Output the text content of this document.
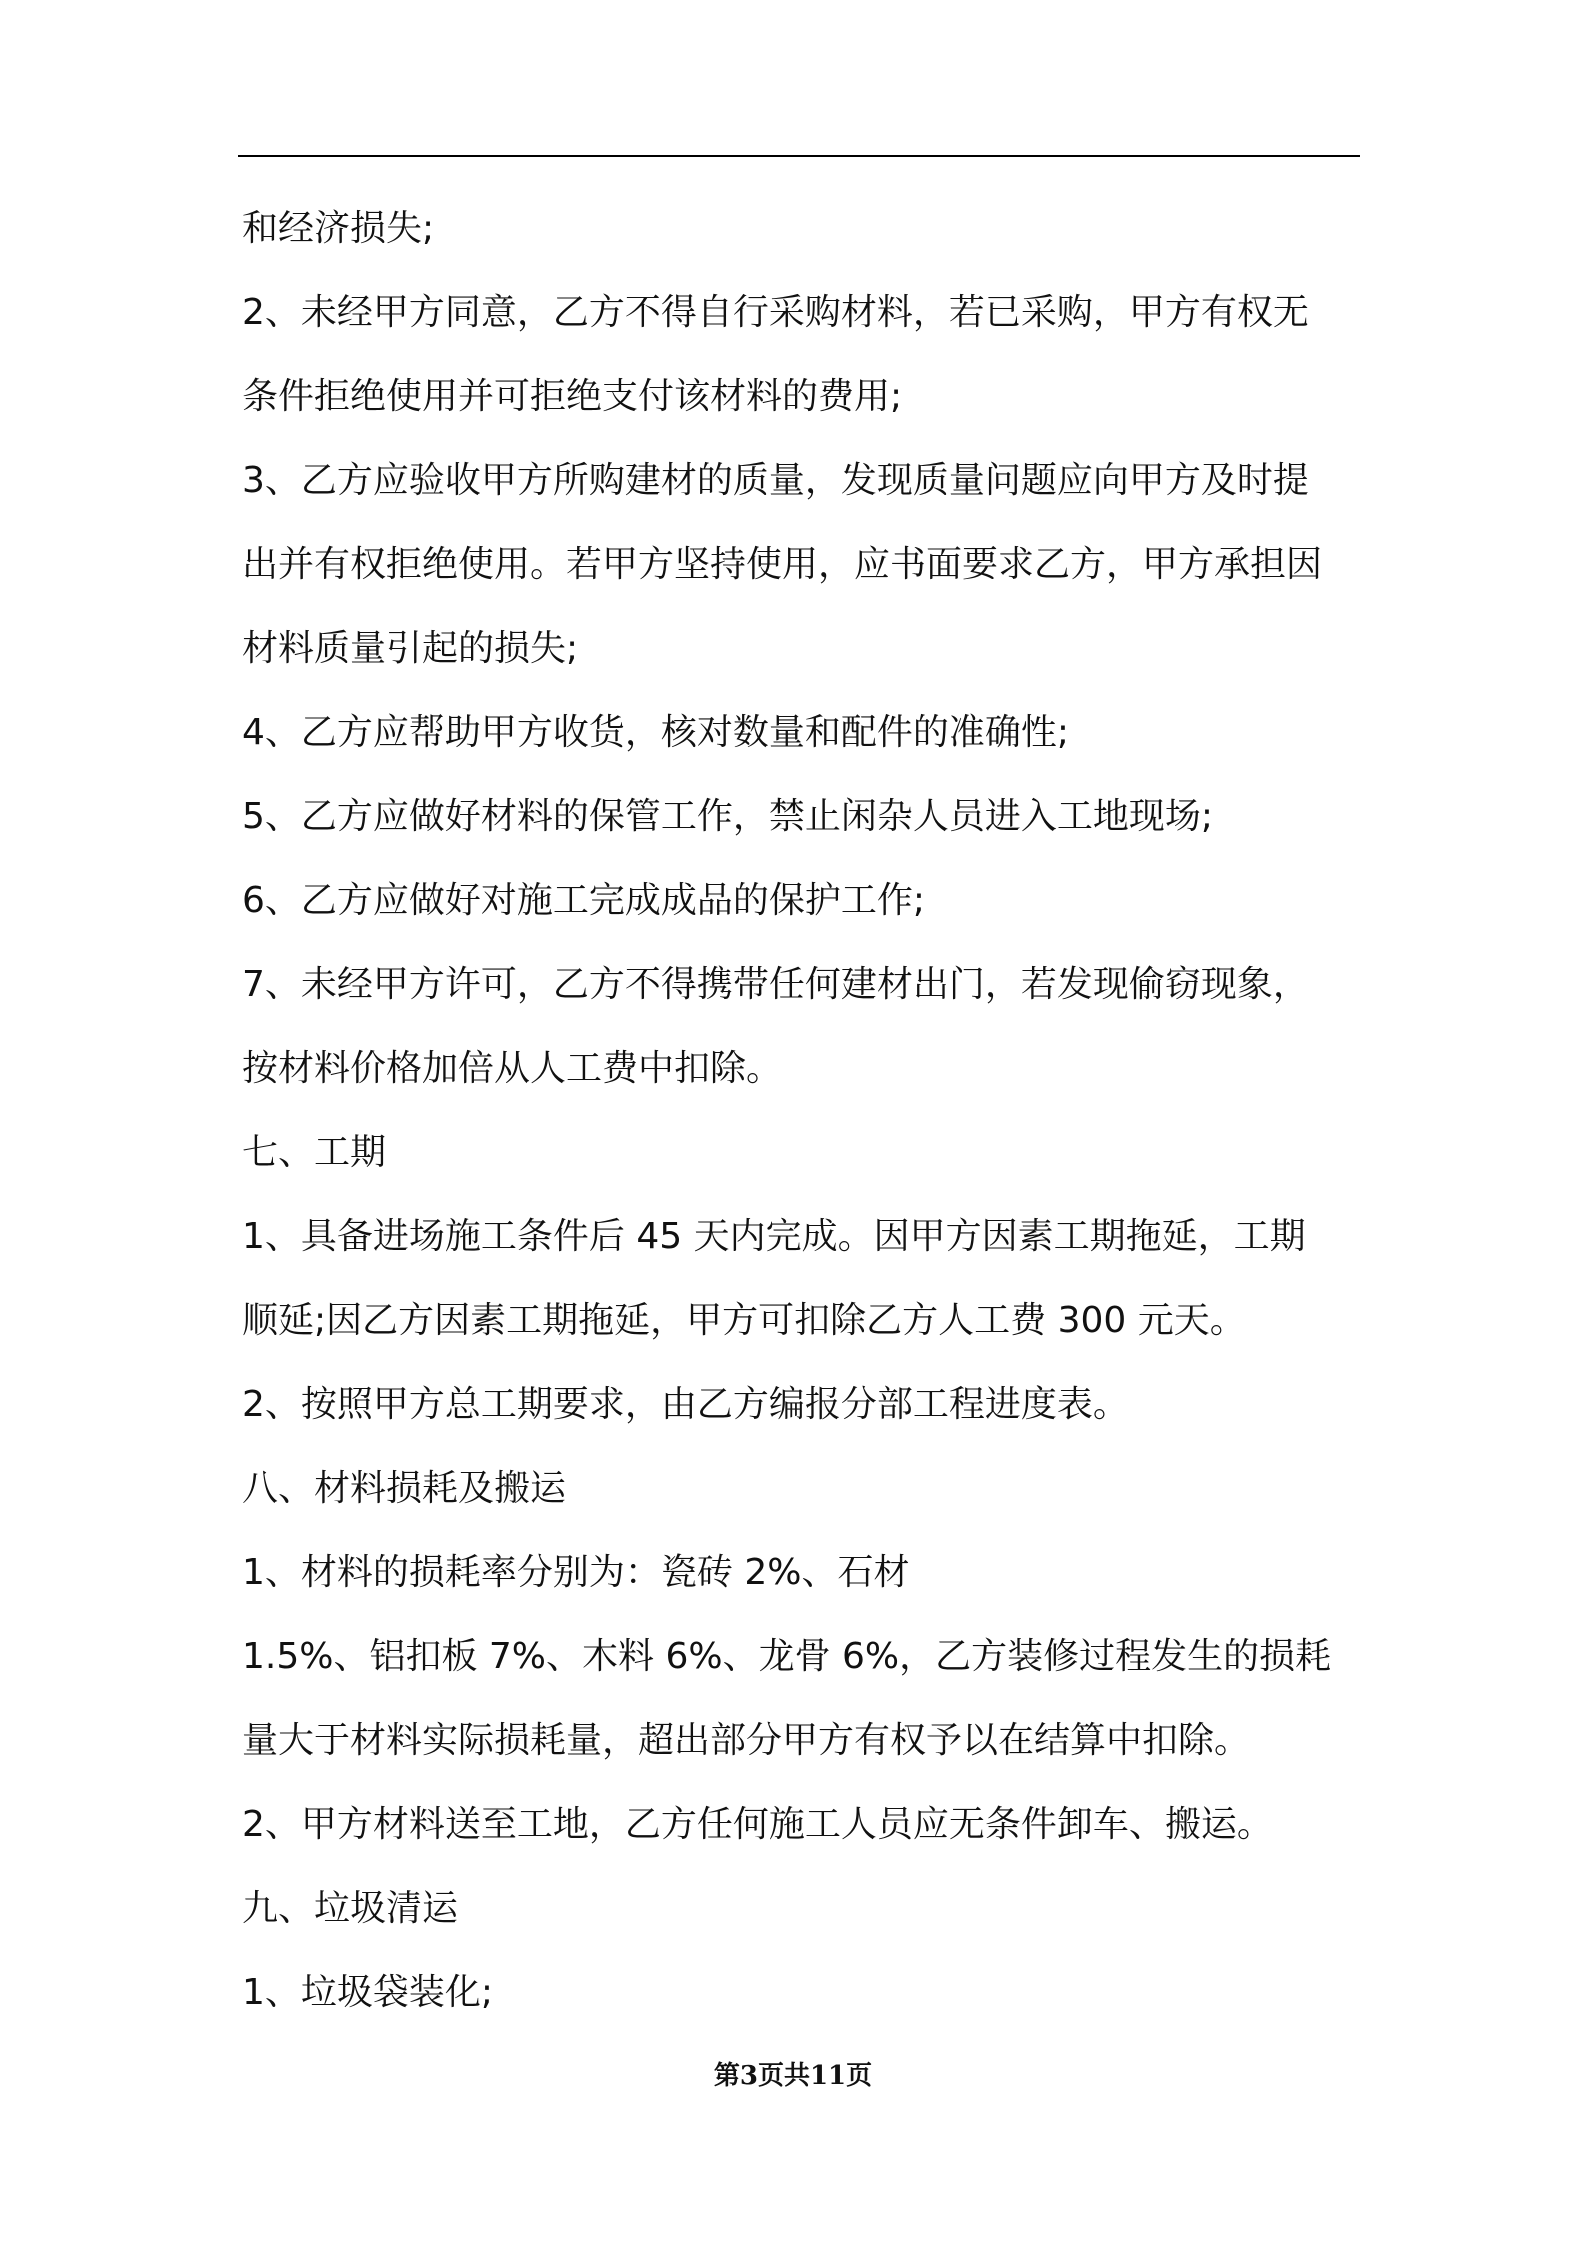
和经济损失;
2、未经甲方同意，乙方不得自行采购材料，若已采购，甲方有权无
条件拒绝使用并可拒绝支付该材料的费用;
3、乙方应验收甲方所购建材的质量，发现质量问题应向甲方及时提
出并有权拒绝使用。若甲方坚持使用，应书面要求乙方，甲方承担因
材料质量引起的损失;
4、乙方应帮助甲方收货，核对数量和配件的准确性;
5、乙方应做好材料的保管工作，禁止闲杂人员进入工地现场;
6、乙方应做好对施工完成成品的保护工作;
7、未经甲方许可，乙方不得携带任何建材出门，若发现偷窃现象，
按材料价格加倍从人工费中扣除。
七、工期
1、具备进场施工条件后 45 天内完成。因甲方因素工期拖延，工期
顺延;因乙方因素工期拖延，甲方可扣除乙方人工费 300 元天。
2、按照甲方总工期要求，由乙方编报分部工程进度表。
八、材料损耗及搬运
1、材料的损耗率分别为：瓷砖 2%、石材
1.5%、铝扣板 7%、木料 6%、龙骨 6%，乙方装修过程发生的损耗
量大于材料实际损耗量，超出部分甲方有权予以在结算中扣除。
2、甲方材料送至工地，乙方任何施工人员应无条件卸车、搬运。
九、垃圾清运
1、垃圾袋装化;
第3页共11页
